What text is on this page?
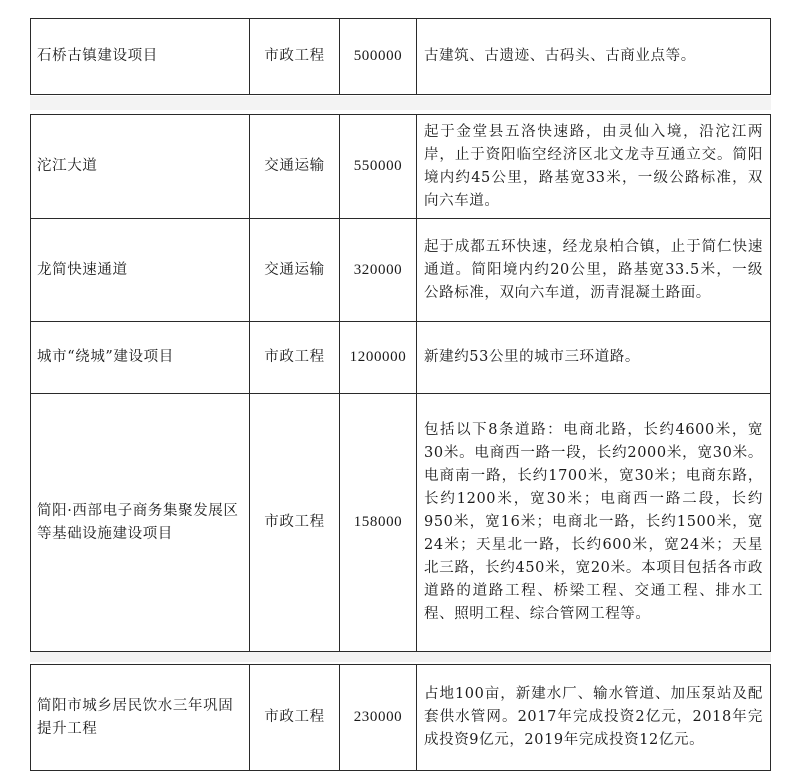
石桥古镇建设项目	市政工程	500000	古建筑、古遗迹、古码头、古商业点等。
沱江大道	交通运输	550000	起于金堂县五洛快速路，由灵仙入境，沿沱江两岸，止于资阳临空经济区北文龙寺互通立交。简阳境内约45公里，路基宽33米，一级公路标准，双向六车道。
龙简快速通道	交通运输	320000	起于成都五环快速，经龙泉柏合镇，止于简仁快速通道。简阳境内约20公里，路基宽33.5米，一级公路标准，双向六车道，沥青混凝土路面。
城市“绕城”建设项目	市政工程	1200000	新建约53公里的城市三环道路。
简阳·西部电子商务集聚发展区等基础设施建设项目	市政工程	158000	包括以下8条道路：电商北路，长约4600米，宽30米。电商西一路一段，长约2000米，宽30米。电商南一路，长约1700米，宽30米；电商东路，长约1200米，宽30米；电商西一路二段，长约950米，宽16米；电商北一路，长约1500米，宽24米；天星北一路，长约600米，宽24米；天星北三路，长约450米，宽20米。本项目包括各市政道路的道路工程、桥梁工程、交通工程、排水工程、照明工程、综合管网工程等。
简阳市城乡居民饮水三年巩固提升工程	市政工程	230000	占地100亩，新建水厂、输水管道、加压泵站及配套供水管网。2017年完成投资2亿元，2018年完成投资9亿元，2019年完成投资12亿元。
